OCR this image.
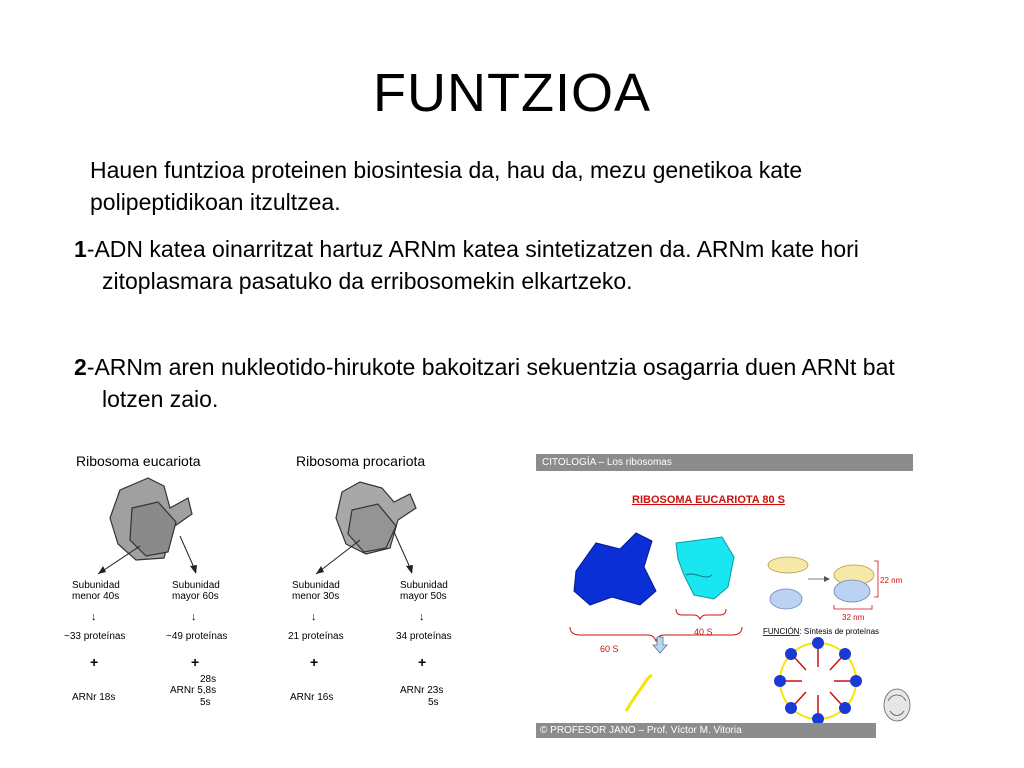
FUNTZIOA
Hauen funtzioa proteinen biosintesia da, hau da, mezu genetikoa kate polipeptidikoan itzultzea.
1-ADN katea oinarritzat hartuz ARNm katea sintetizatzen da. ARNm kate hori zitoplasmara pasatuko da erribosomekin elkartzeko.
2-ARNm aren nukleotido-hirukote bakoitzari sekuentzia osagarria duen ARNt bat lotzen zaio.
Ribosoma eucariota
Subunidad
menor 40s
Subunidad
mayor 60s
↓	↓
~33 proteínas	~49 proteínas
+	+
28s
ARNr 18s
ARNr 5,8s
5s
Ribosoma procariota
Subunidad
menor 30s
Subunidad
mayor 50s
↓	↓
21 proteínas	34 proteínas
+	+
ARNr 16s
ARNr 23s
5s
CITOLOGÍA – Los ribosomas
RIBOSOMA EUCARIOTA 80 S
60 S
40 S
22 nm
32 nm
FUNCIÓN: Síntesis de proteínas
© PROFESOR JANO – Prof. Víctor M. Vitoria
